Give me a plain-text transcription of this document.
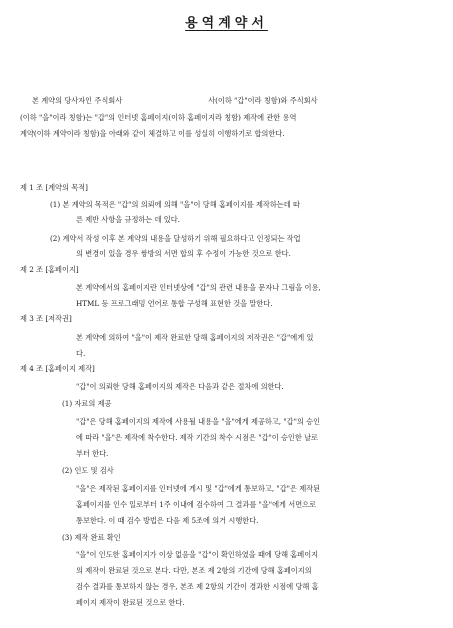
용역계약서
본 계약의 당사자인 주식회사	사(이하 "갑"이라 칭함)와 주식회사
(이하 "을"이라 칭함)는 "갑"의 인터넷 홈페이지(이하 홈페이지라 칭함) 제작에 관한 용역
계약(이하 계약이라 칭함)을 아래와 같이 체결하고 이를 성실히 이행하기로 합의한다.
제 1 조 [계약의 목적]
(1) 본 계약의 목적은 "갑"의 의뢰에 의해 "을"이 당해 홈페이지를 제작하는데 따
른 제반 사항을 규정하는 데 있다.
(2) 계약서 작성 이후 본 계약의 내용을 달성하기 위해 필요하다고 인정되는 작업
의 변경이 있을 경우 쌍방의 서면 합의 후 수정이 가능한 것으로 한다.
제 2 조 [홈페이지]
본 계약에서의 홈페이지란 인터넷상에 "갑"의 관련 내용을 문자나 그림을 이용,
HTML 등 프로그래밍 언어로 통합 구성해 표현한 것을 말한다.
제 3 조 [저작권]
본 계약에 의하여 "을"이 제작 완료한 당해 홈페이지의 저작권은 "갑"에게 있
다.
제 4 조 [홈페이지 제작]
"갑"이 의뢰한 당해 홈페이지의 제작은 다음과 같은 절차에 의한다.
(1) 자료의 제공
"갑"은 당해 홈페이지의 제작에 사용될 내용을 "을"에게 제공하고, "갑"의 승인
에 따라 "을"은 제작에 착수한다. 제작 기간의 착수 시점은 "갑"이 승인한 날로
부터 한다.
(2) 인도 및 검사
"을"은 제작된 홈페이지를 인터넷에 게시 및 "갑"에게 통보하고, "갑"은 제작된
홈페이지를 인수 일로부터 1주 이내에 검수하여 그 결과를 "을"에게 서면으로
통보한다. 이 때 검수 방법은 다음 제 5조에 의거 시행한다.
(3) 제작 완료 확인
"을"이 인도한 홈페이지가 이상 없음을 "갑"이 확인하였을 때에 당해 홈페이지
의 제작이 완료된 것으로 본다. 다만, 본조 제 2항의 기간에 당해 홈페이지의
검수 결과를 통보하지 않는 경우, 본조 제 2항의 기간이 경과한 시점에 당해 홈
페이지 제작이 완료된 것으로 한다.
